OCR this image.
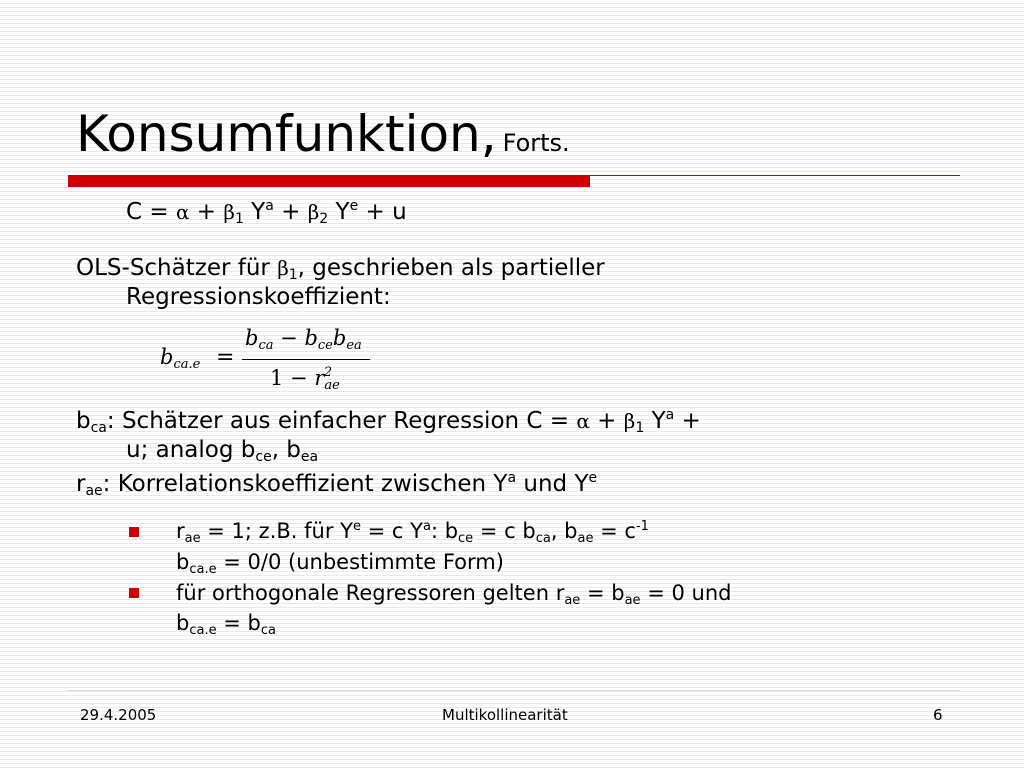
Konsumfunktion, Forts.
$C = \alpha + \beta_1$ $Y^a + \beta_2$ $Y^e + u$
OLS-Schätzer für $\beta_1$, geschrieben als partieller
Regressionskoeffizient:
$b_{ca.e}$ =
$b_{ca} - b_{ce}b_{ea}$
$1 - r_{ae}^2$
$b_{ca}$: Schätzer aus einfacher Regression $C = \alpha + \beta_1$ $Y^a$ +
u; analog $b_{ce}$, $b_{ea}$
$r_{ae}$: Korrelationskoeffizient zwischen $Y^a$ und $Y^e$
$r_{ae} = 1$; z.B. für $Y^e = c$ $Y^a$: $b_{ce} = c$ $b_{ca}$, $b_{ae} = c^{-1}$
$b_{ca.e} = 0/0$ (unbestimmte Form)
für orthogonale Regressoren gelten $r_{ae} = b_{ae} = 0$ und
$b_{ca.e} = b_{ca}$
29.4.2005	Multikollinearität	6
